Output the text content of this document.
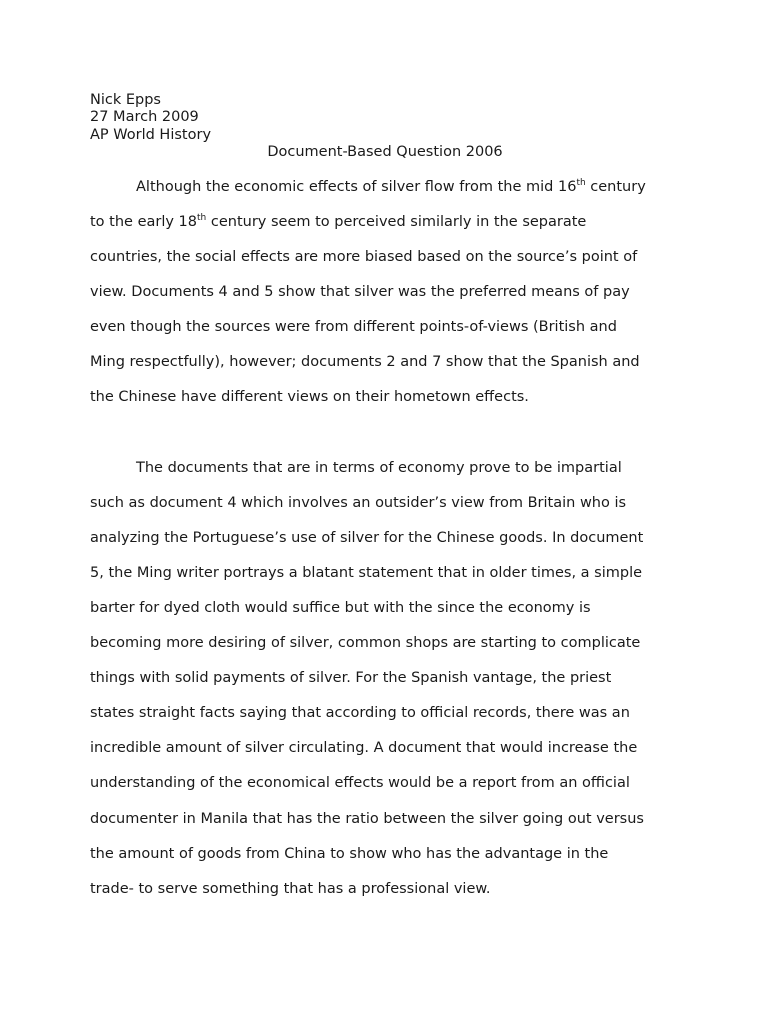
Nick Epps
27 March 2009
AP World History
Document-Based Question 2006
Although the economic effects of silver flow from the mid 16th century
to the early 18th century seem to perceived similarly in the separate
countries, the social effects are more biased based on the source’s point of
view. Documents 4 and 5 show that silver was the preferred means of pay
even though the sources were from different points-of-views (British and
Ming respectfully), however; documents 2 and 7 show that the Spanish and
the Chinese have different views on their hometown effects.
The documents that are in terms of economy prove to be impartial
such as document 4 which involves an outsider’s view from Britain who is
analyzing the Portuguese’s use of silver for the Chinese goods. In document
5, the Ming writer portrays a blatant statement that in older times, a simple
barter for dyed cloth would suffice but with the since the economy is
becoming more desiring of silver, common shops are starting to complicate
things with solid payments of silver. For the Spanish vantage, the priest
states straight facts saying that according to official records, there was an
incredible amount of silver circulating. A document that would increase the
understanding of the economical effects would be a report from an official
documenter in Manila that has the ratio between the silver going out versus
the amount of goods from China to show who has the advantage in the
trade- to serve something that has a professional view.
